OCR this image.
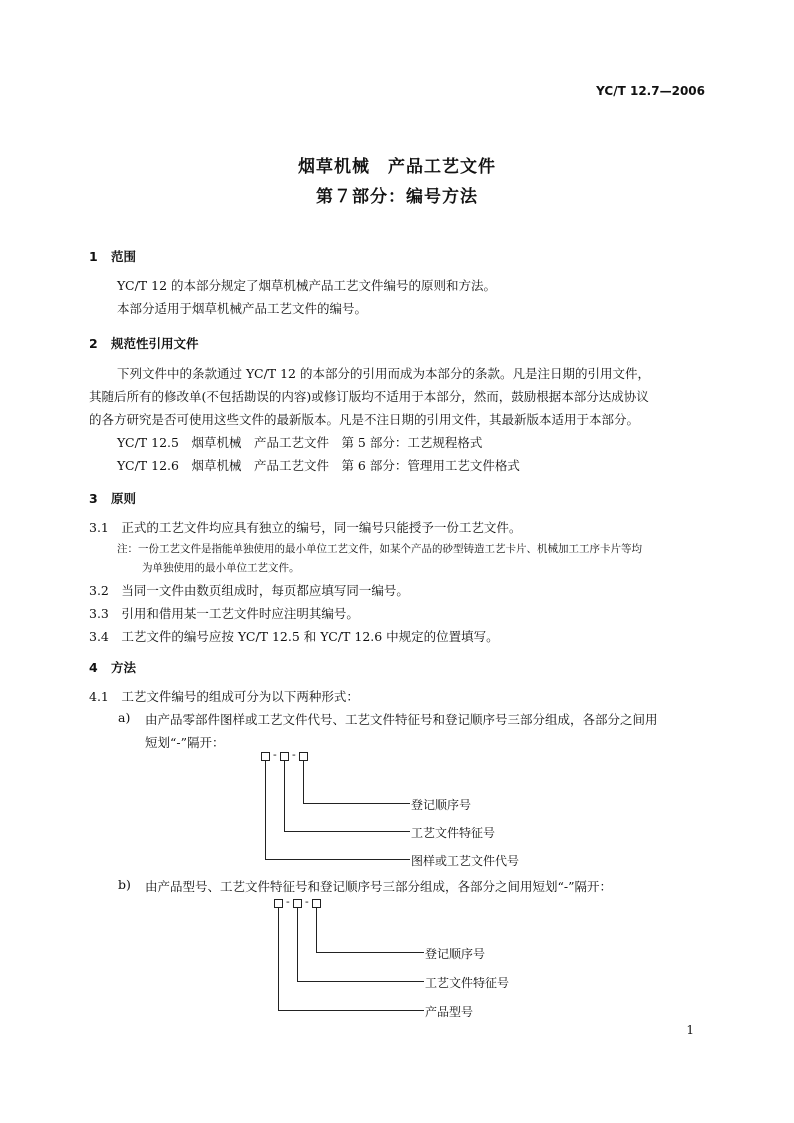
YC/T 12.7—2006
烟草机械　产品工艺文件
第７部分：编号方法
1 范围
YC/T 12 的本部分规定了烟草机械产品工艺文件编号的原则和方法。
本部分适用于烟草机械产品工艺文件的编号。
2 规范性引用文件
下列文件中的条款通过 YC/T 12 的本部分的引用而成为本部分的条款。凡是注日期的引用文件，
其随后所有的修改单(不包括勘误的内容)或修订版均不适用于本部分，然而，鼓励根据本部分达成协议
的各方研究是否可使用这些文件的最新版本。凡是不注日期的引用文件，其最新版本适用于本部分。
YC/T 12.5　烟草机械　产品工艺文件　第 5 部分：工艺规程格式
YC/T 12.6　烟草机械　产品工艺文件　第 6 部分：管理用工艺文件格式
3 原则
3.1　正式的工艺文件均应具有独立的编号，同一编号只能授予一份工艺文件。
注：一份工艺文件是指能单独使用的最小单位工艺文件，如某个产品的砂型铸造工艺卡片、机械加工工序卡片等均
为单独使用的最小单位工艺文件。
3.2　当同一文件由数页组成时，每页都应填写同一编号。
3.3　引用和借用某一工艺文件时应注明其编号。
3.4　工艺文件的编号应按 YC/T 12.5 和 YC/T 12.6 中规定的位置填写。
4 方法
4.1　工艺文件编号的组成可分为以下两种形式：
a) 由产品零部件图样或工艺文件代号、工艺文件特征号和登记顺序号三部分组成，各部分之间用
短划“-”隔开：
- -
登记顺序号
工艺文件特征号
图样或工艺文件代号
b) 由产品型号、工艺文件特征号和登记顺序号三部分组成，各部分之间用短划“-”隔开：
- -
登记顺序号
工艺文件特征号
产品型号
1
